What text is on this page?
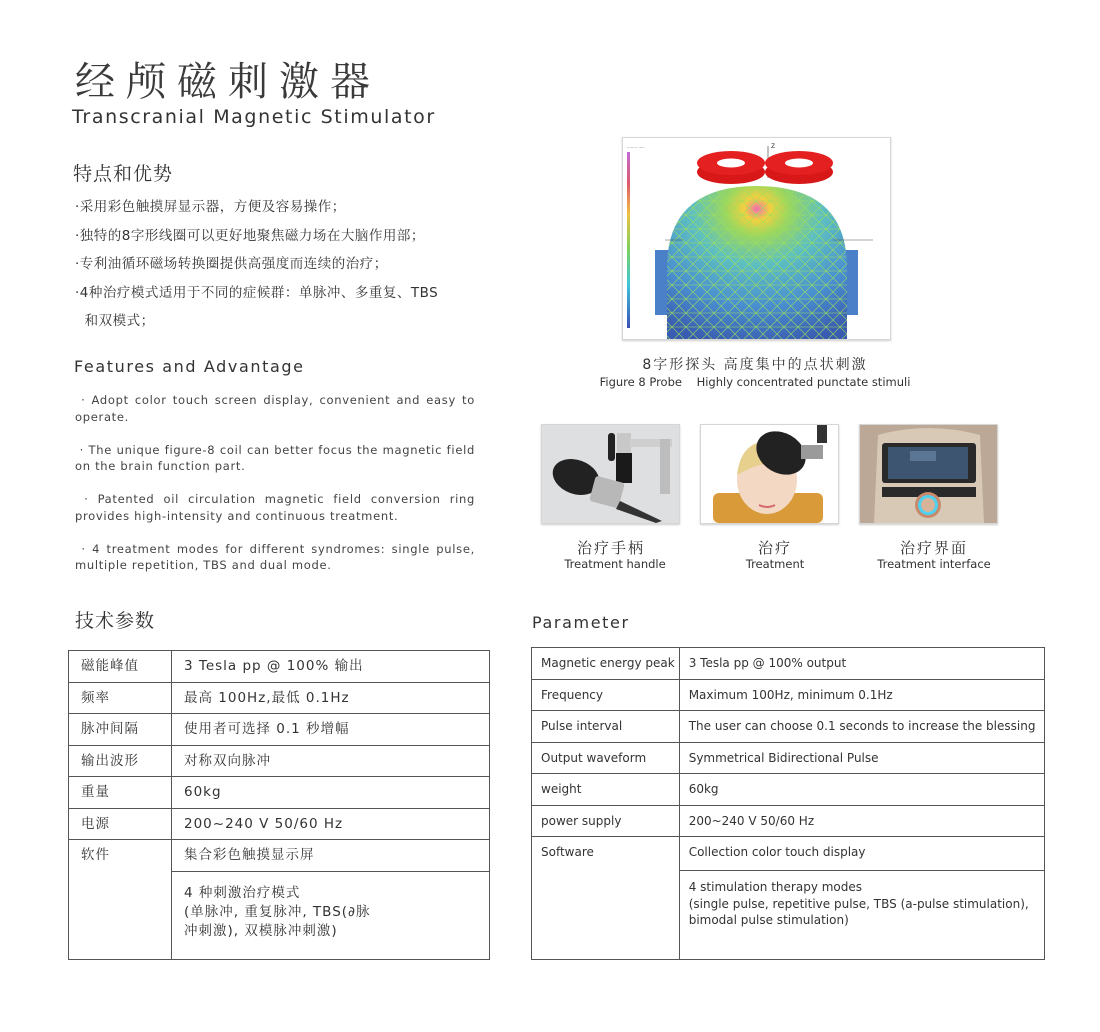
经颅磁刺激器
Transcranial Magnetic Stimulator
特点和优势
·采用彩色触摸屏显示器，方便及容易操作；
·独特的8字形线圈可以更好地聚焦磁力场在大脑作用部；
·专利油循环磁场转换圈提供高强度而连续的治疗；
·4种治疗模式适用于不同的症候群：单脉冲、多重复、TBS
和双模式；
Features and Advantage

· Adopt color touch screen display, convenient and easy to operate.

· The unique figure-8 coil can better focus the magnetic field on the brain function part.

· Patented oil circulation magnetic field conversion ring provides high-intensity and continuous treatment.

· 4 treatment modes for different syndromes: single pulse, multiple repetition, TBS and dual mode.

········ ·····	Z
8字形探头 高度集中的点状刺激
Figure 8 Probe    Highly concentrated punctate stimuli
治疗手柄
Treatment handle
治疗
Treatment
治疗界面
Treatment interface
技术参数
磁能峰值	3 Tesla pp @ 100% 输出
频率	最高 100Hz,最低 0.1Hz
脉冲间隔	使用者可选择 0.1 秒增幅
输出波形	对称双向脉冲
重量	60kg
电源	200~240 V 50/60 Hz
软件	集合彩色触摸显示屏

	4 种刺激治疗模式
(单脉冲, 重复脉冲, TBS(∂脉
冲刺激), 双模脉冲刺激)
Parameter
Magnetic energy peak	3 Tesla pp @ 100% output
Frequency	Maximum 100Hz, minimum 0.1Hz
Pulse interval	The user can choose 0.1 seconds to increase the blessing
Output waveform	Symmetrical Bidirectional Pulse
weight	60kg
power supply	200~240 V 50/60 Hz
Software	Collection color touch display

	4 stimulation therapy modes
(single pulse, repetitive pulse, TBS (a-pulse stimulation),
bimodal pulse stimulation)
